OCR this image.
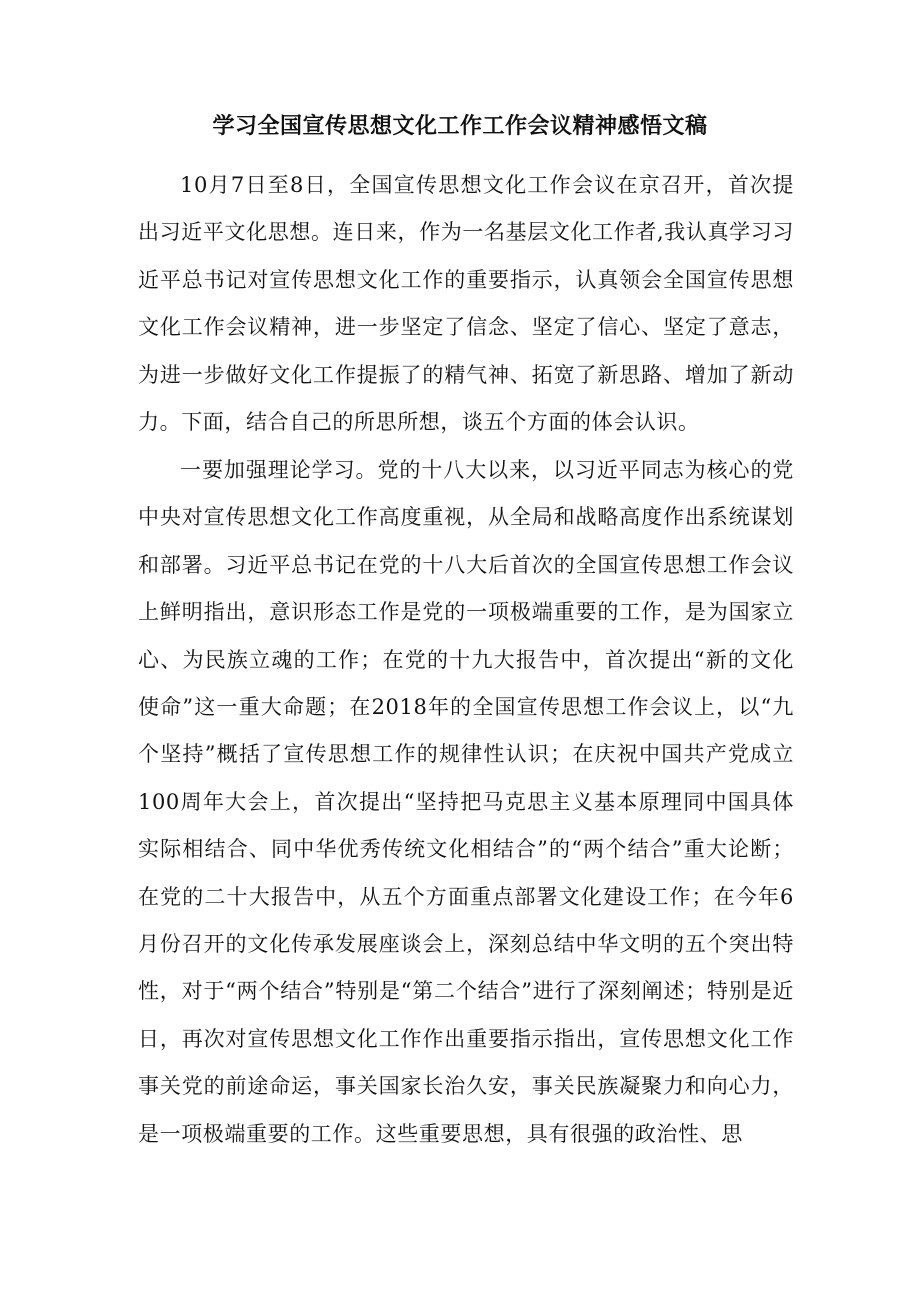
学习全国宣传思想文化工作工作会议精神感悟文稿

10月7日至8日，全国宣传思想文化工作会议在京召开，首次提出习近平文化思想。连日来，作为一名基层文化工作者,我认真学习习近平总书记对宣传思想文化工作的重要指示，认真领会全国宣传思想文化工作会议精神，进一步坚定了信念、坚定了信心、坚定了意志，为进一步做好文化工作提振了的精气神、拓宽了新思路、增加了新动力。下面，结合自己的所思所想，谈五个方面的体会认识。

一要加强理论学习。党的十八大以来，以习近平同志为核心的党中央对宣传思想文化工作高度重视，从全局和战略高度作出系统谋划和部署。习近平总书记在党的十八大后首次的全国宣传思想工作会议上鲜明指出，意识形态工作是党的一项极端重要的工作，是为国家立心、为民族立魂的工作；在党的十九大报告中，首次提出“新的文化使命”这一重大命题；在2018年的全国宣传思想工作会议上，以“九个坚持”概括了宣传思想工作的规律性认识；在庆祝中国共产党成立100周年大会上，首次提出“坚持把马克思主义基本原理同中国具体实际相结合、同中华优秀传统文化相结合”的“两个结合”重大论断；在党的二十大报告中，从五个方面重点部署文化建设工作；在今年6月份召开的文化传承发展座谈会上，深刻总结中华文明的五个突出特性，对于“两个结合”特别是“第二个结合”进行了深刻阐述；特别是近日，再次对宣传思想文化工作作出重要指示指出，宣传思想文化工作事关党的前途命运，事关国家长治久安，事关民族凝聚力和向心力，是一项极端重要的工作。这些重要思想，具有很强的政治性、思
